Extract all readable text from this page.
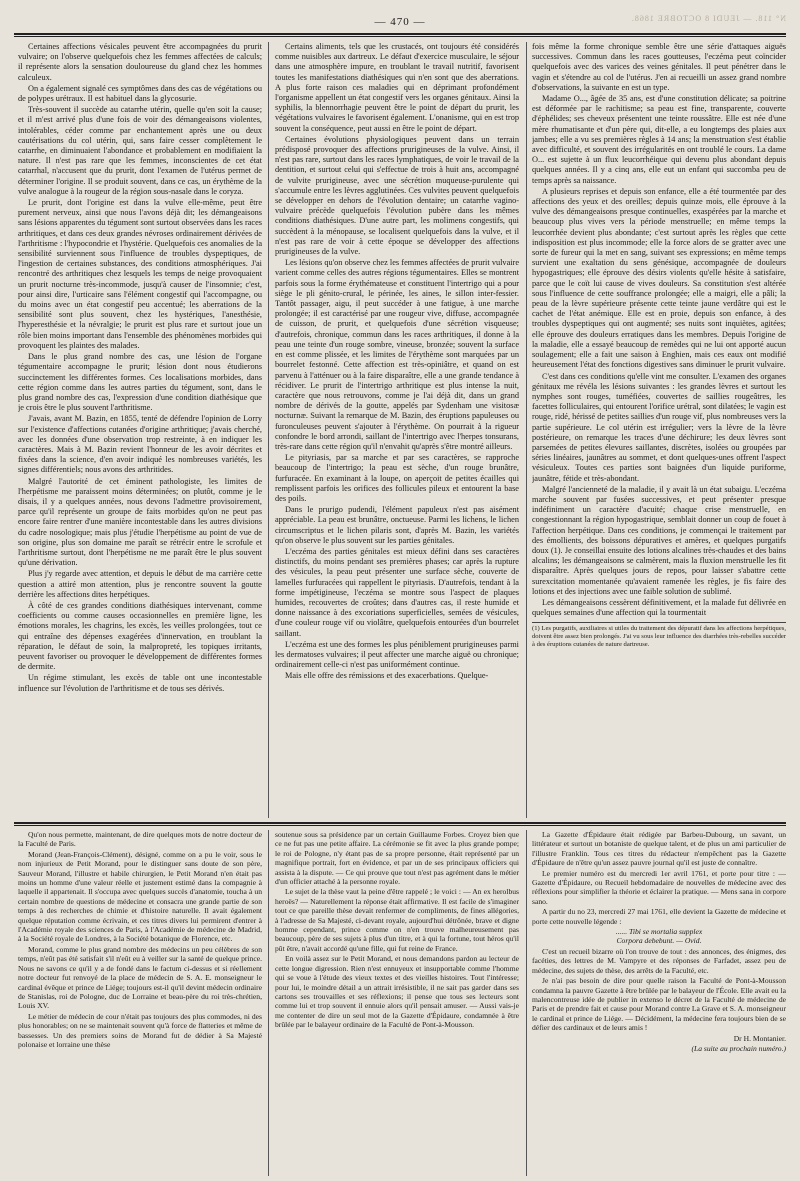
N° 118. — JEUDI 8 OCTOBRE 1868.
— 470 —

Certaines affections vésicales peuvent être accompagnées du prurit vulvaire; on l'observe quelquefois chez les femmes affectées de calculs; il représente alors la sensation douloureuse du gland chez les hommes calculeux.

On a également signalé ces symptômes dans des cas de végétations ou de polypes urétraux. Il est habituel dans la glycosurie.

Très-souvent il succède au catarrhe utérin, quelle qu'en soit la cause; et il m'est arrivé plus d'une fois de voir des démangeaisons violentes, intolérables, céder comme par enchantement après une ou deux cautérisations du col utérin, qui, sans faire cesser complètement le catarrhe, en diminuaient l'abondance et probablement en modifiaient la nature. Il n'est pas rare que les femmes, inconscientes de cet état catarrhal, n'accusent que du prurit, dont l'examen de l'utérus permet de déterminer l'origine. Il se produit souvent, dans ce cas, un érythème de la vulve analogue à la rougeur de la région sous-nasale dans le coryza.

Le prurit, dont l'origine est dans la vulve elle-même, peut être purement nerveux, ainsi que nous l'avons déjà dit; les démangeaisons sans lésions apparentes du tégument sont surtout observées dans les races arthritiques, et dans ces deux grandes névroses ordinairement dérivées de l'arthritisme : l'hypocondrie et l'hystérie. Quelquefois ces anomalies de la sensibilité surviennent sous l'influence de troubles dyspeptiques, de l'ingestion de certaines substances, des conditions atmosphériques. J'ai rencontré des arthritiques chez lesquels les temps de neige provoquaient un prurit nocturne très-incommode, jusqu'à causer de l'insomnie; c'est, pour ainsi dire, l'urticaire sans l'élément congestif qui l'accompagne, ou du moins avec un état congestif peu accentué; les aberrations de la sensibilité sont plus souvent, chez les hystériques, l'anesthésie, l'hyperesthésie et la névralgie; le prurit est plus rare et surtout joue un rôle bien moins important dans l'ensemble des phénomènes morbides qui provoquent les plaintes des malades.

Dans le plus grand nombre des cas, une lésion de l'organe tégumentaire accompagne le prurit; lésion dont nous étudierons succinctement les différentes formes. Ces localisations morbides, dans cette région comme dans les autres parties du tégument, sont, dans le plus grand nombre des cas, l'expression d'une condition diathésique que je crois être le plus souvent l'arthritisme.

J'avais, avant M. Bazin, en 1855, tenté de défendre l'opinion de Lorry sur l'existence d'affections cutanées d'origine arthritique; j'avais cherché, avec les données d'une observation trop restreinte, à en indiquer les caractères. Mais à M. Bazin revient l'honneur de les avoir décrites et fixées dans la science, d'en avoir indiqué les nombreuses variétés, les signes différentiels; nous avons des arthritides.

Malgré l'autorité de cet éminent pathologiste, les limites de l'herpétisme me paraissent moins déterminées; on plutôt, comme je le disais, il y a quelques années, nous devons l'admettre provisoirement, parce qu'il représente un groupe de faits morbides qu'on ne peut pas encore faire rentrer d'une manière incontestable dans les autres divisions du cadre nosologique; mais plus j'étudie l'herpétisme au point de vue de son origine, plus son domaine me paraît se rétrécir entre le scrofule et l'arthritisme surtout, dont l'herpétisme ne me paraît être le plus souvent qu'une dérivation.

Plus j'y regarde avec attention, et depuis le début de ma carrière cette question a attiré mon attention, plus je rencontre souvent la goutte derrière les affections dites herpétiques.

À côté de ces grandes conditions diathésiques intervenant, comme coefficients ou comme causes occasionnelles en première ligne, les émotions morales, les chagrins, les excès, les veilles prolongées, tout ce qui entraîne des dépenses exagérées d'innervation, en troublant la réparation, le défaut de soin, la malpropreté, les topiques irritants, peuvent favoriser ou provoquer le développement de différentes formes de dermite.

Un régime stimulant, les excès de table ont une incontestable influence sur l'évolution de l'arthritisme et de tous ses dérivés.

Certains aliments, tels que les crustacés, ont toujours été considérés comme nuisibles aux dartreux. Le défaut d'exercice musculaire, le séjour dans une atmosphère impure, en troublant le travail nutritif, favorisent toutes les manifestations diathésiques qui n'en sont que des aberrations. A plus forte raison ces maladies qui en déprimant profondément l'organisme appellent un état congestif vers les organes génitaux. Ainsi la syphilis, la blennorrhagie peuvent être le point de départ du prurit, les végétations vulvaires le favorisent également. L'onanisme, qui en est trop souvent la conséquence, peut aussi en être le point de départ.

Certaines évolutions physiologiques peuvent dans un terrain prédisposé provoquer des affections prurigineuses de la vulve. Ainsi, il n'est pas rare, surtout dans les races lymphatiques, de voir le travail de la dentition, et surtout celui qui s'effectue de trois à huit ans, accompagné de vulvite prurigineuse, avec une sécrétion muqueuse-purulente qui s'accumule entre les lèvres agglutinées. Ces vulvites peuvent quelquefois se développer en dehors de l'évolution dentaire; un catarrhe vagino-vulvaire précède quelquefois l'évolution pubère dans les mêmes conditions diathésiques. D'une autre part, les molimens congestifs, qui succèdent à la ménopause, se localisent quelquefois dans la vulve, et il n'est pas rare de voir à cette époque se développer des affections prurigineuses de la vulve.

Les lésions qu'on observe chez les femmes affectées de prurit vulvaire varient comme celles des autres régions tégumentaires. Elles se montrent parfois sous la forme érythémateuse et constituent l'intertrigo qui a pour siège le pli génito-crural, le périnée, les aines, le sillon inter-fessier. Tantôt passager, aigu, il peut succéder à une fatigue, à une marche prolongée; il est caractérisé par une rougeur vive, diffuse, accompagnée de cuisson, de prurit, et quelquefois d'une sécrétion visqueuse; d'autrefois, chronique, commun dans les races arthritiques, il donne à la peau une teinte d'un rouge sombre, vineuse, bronzée; souvent la surface en est comme plissée, et les limites de l'érythème sont marquées par un bourrelet festonné. Cette affection est très-opiniâtre, et quand on est parvenu à l'atténuer ou à la faire disparaître, elle a une grande tendance à récidiver. Le prurit de l'intertrigo arthritique est plus intense la nuit, caractère que nous retrouvons, comme je l'ai déjà dit, dans un grand nombre de dérivés de la goutte, appelés par Sydenham une visitosæ nocturnæ. Suivant la remarque de M. Bazin, des éruptions papuleuses ou furonculeuses peuvent s'ajouter à l'érythème. On pourrait à la rigueur confondre le bord arrondi, saillant de l'intertrigo avec l'herpes tonsurans, très-rare dans cette région qu'il n'envahit qu'après s'être montré ailleurs.

Le pityriasis, par sa marche et par ses caractères, se rapproche beaucoup de l'intertrigo; la peau est sèche, d'un rouge brunâtre, furfuracée. En examinant à la loupe, on aperçoit de petites écailles qui remplissent parfois les orifices des follicules pileux et entourent la base des poils.

Dans le prurigo pudendi, l'élément papuleux n'est pas aisément appréciable. La peau est brunâtre, onctueuse. Parmi les lichens, le lichen circumscriptus et le lichen pilaris sont, d'après M. Bazin, les variétés qu'on observe le plus souvent sur les parties génitales.

L'eczéma des parties génitales est mieux défini dans ses caractères distinctifs, du moins pendant ses premières phases; car après la rupture des vésicules, la peau peut présenter une surface sèche, couverte de lamelles furfuracées qui rappellent le pityriasis. D'autrefois, tendant à la forme impétigineuse, l'eczéma se montre sous l'aspect de plaques humides, recouvertes de croûtes; dans d'autres cas, il reste humide et donne naissance à des excoriations superficielles, semées de vésicules, d'une couleur rouge vif ou violâtre, quelquefois entourées d'un bourrelet saillant.

L'eczéma est une des formes les plus péniblement prurigineuses parmi les dermatoses vulvaires; il peut affecter une marche aiguë ou chronique; ordinairement celle-ci n'est pas uniformément continue.

Mais elle offre des rémissions et des exacerbations. Quelque-

fois même la forme chronique semble être une série d'attaques aiguës successives. Commun dans les races goutteuses, l'eczéma peut coïncider quelquefois avec des varices des veines génitales. Il peut pénétrer dans le vagin et s'étendre au col de l'utérus. J'en ai recueilli un assez grand nombre d'observations, la suivante en est un type.

Madame O..., âgée de 35 ans, est d'une constitution délicate; sa poitrine est déformée par le rachitisme; sa peau est fine, transparente, couverte d'éphélides; ses cheveux présentent une teinte roussâtre. Elle est née d'une mère rhumatisante et d'un père qui, dit-elle, a eu longtemps des plaies aux jambes; elle a vu ses premières règles à 14 ans; la menstruation s'est établie avec difficulté, et souvent des irrégularités en ont troublé le cours. La dame O... est sujette à un flux leucorrhéique qui devenu plus abondant depuis quelques années. Il y a cinq ans, elle eut un enfant qui succomba peu de temps après sa naissance.

A plusieurs reprises et depuis son enfance, elle a été tourmentée par des affections des yeux et des oreilles; depuis quinze mois, elle éprouve à la vulve des démangeaisons presque continuelles, exaspérées par la marche et beaucoup plus vives vers la période menstruelle; en même temps la leucorrhée devient plus abondante; c'est surtout après les règles que cette indisposition est plus incommode; elle la force alors de se gratter avec une sorte de fureur qui la met en sang, suivant ses expressions; en même temps survient une exaltation du sens génésique, accompagnée de douleurs hypogastriques; elle éprouve des désirs violents qu'elle hésite à satisfaire, parce que le coït lui cause de vives douleurs. Sa constitution s'est altérée sous l'influence de cette souffrance prolongée; elle a maigri, elle a pâli; la peau de la lèvre supérieure présente cette teinte jaune verdâtre qui est le cachet de l'état anémique. Elle est en proie, depuis son enfance, à des troubles dyspeptiques qui ont augmenté; ses nuits sont inquiètes, agitées; elle éprouve des douleurs erratiques dans les membres. Depuis l'origine de la maladie, elle a essayé beaucoup de remèdes qui ne lui ont apporté aucun soulagement; elle a fait une saison à Enghien, mais ces eaux ont modifié heureusement l'état des fonctions digestives sans diminuer le prurit vulvaire.

C'est dans ces conditions qu'elle vint me consulter. L'examen des organes génitaux me révéla les lésions suivantes : les grandes lèvres et surtout les nymphes sont rouges, tuméfiées, couvertes de saillies rougeâtres, les facettes folliculaires, qui entourent l'orifice urétral, sont dilatées; le vagin est rouge, ridé, hérissé de petites saillies d'un rouge vif, plus nombreuses vers la partie supérieure. Le col utérin est irrégulier; vers la lèvre de la lèvre postérieure, on remarque les traces d'une déchirure; les deux lèvres sont parsemées de petites élevures saillantes, discrètes, isolées ou groupées par séries linéaires, jaunâtres au sommet, et dont quelques-unes offrent l'aspect vésiculeux. Toutes ces parties sont baignées d'un liquide puriforme, jaunâtre, fétide et très-abondant.

Malgré l'ancienneté de la maladie, il y avait là un état subaigu. L'eczéma marche souvent par fusées successives, et peut présenter presque indéfiniment un caractère d'acuité; chaque crise menstruelle, en congestionnant la région hypogastrique, semblait donner un coup de fouet à l'affection herpétique. Dans ces conditions, je commençai le traitement par des émollients, des boissons dépuratives et amères, et quelques purgatifs doux (1). Je conseillai ensuite des lotions alcalines très-chaudes et des bains alcalins; les démangeaisons se calmèrent, mais la fluxion menstruelle les fit disparaître. Après quelques jours de repos, pour laisser s'abattre cette surexcitation momentanée qu'avaient ramenée les règles, je fis faire des lotions et des injections avec une faible solution de sublimé.

Les démangeaisons cessèrent définitivement, et la malade fut délivrée en quelques semaines d'une affection qui la tourmentait

(1) Les purgatifs, auxiliaires si utiles du traitement des dépuratif dans les affections herpétiques, doivent être assez bien prolongés. J'ai vu sous leur influence des diarrhées très-rebelles succéder à des éruptions cutanées de nature dartreuse.

Qu'on nous permette, maintenant, de dire quelques mots de notre docteur de la Faculté de Paris.

Morand (Jean-François-Clément), désigné, comme on a pu le voir, sous le nom injurieux de Petit Morand, pour le distinguer sans doute de son père, Sauveur Morand, l'illustre et habile chirurgien, le Petit Morand n'en était pas moins un homme d'une valeur réelle et justement estimé dans la compagnie à laquelle il appartenait. Il s'occupa avec quelques succès d'anatomie, toucha à un certain nombre de questions de médecine et consacra une grande partie de son temps à des recherches de chimie et d'histoire naturelle. Il avait également quelque réputation comme écrivain, et ces titres divers lui permirent d'entrer à l'Académie royale des sciences de Paris, à l'Académie de médecine de Madrid, à la Société royale de Londres, à la Société botanique de Florence, etc.

Morand, comme le plus grand nombre des médecins un peu célèbres de son temps, n'eût pas été satisfait s'il n'eût eu à veiller sur la santé de quelque prince. Nous ne savons ce qu'il y a de fondé dans le factum ci-dessus et si réellement notre docteur fut renvoyé de la place de médecin de S. A. E. monseigneur le cardinal évêque et prince de Liége; toujours est-il qu'il devint médecin ordinaire de Stanislas, roi de Pologne, duc de Lorraine et beau-père du roi très-chrétien, Louis XV.

Le métier de médecin de cour n'était pas toujours des plus commodes, ni des plus honorables; on ne se maintenait souvent qu'à force de flatteries et même de bassesses. Un des premiers soins de Morand fut de dédier à Sa Majesté polonaise et lorraine une thèse

soutenue sous sa présidence par un certain Guillaume Forbes. Croyez bien que ce ne fut pas une petite affaire. La cérémonie se fit avec la plus grande pompe; le roi de Pologne, n'y étant pas de sa propre personne, était représenté par un magnifique portrait, fort en évidence, et par un de ses principaux officiers qui assista à la dispute. — Ce qui prouve que tout n'est pas agrément dans le métier d'un officier attaché à la personne royale.

Le sujet de la thèse vaut la peine d'être rappelé ; le voici : — An ex herolbus heroës? — Naturellement la réponse était affirmative. Il est facile de s'imaginer tout ce que pareille thèse devait renfermer de compliments, de fines allégories, à l'adresse de Sa Majesté, ci-devant royale, aujourd'hui détrônée, brave et digne homme cependant, prince comme on n'en trouve malheureusement pas beaucoup, père de ses sujets à plus d'un titre, et à qui la fortune, tout héros qu'il pût être, n'avait accordé qu'une fille, qui fut reine de France.

En voilà assez sur le Petit Morand, et nous demandons pardon au lecteur de cette longue digression. Rien n'est ennuyeux et insupportable comme l'homme qui se voue à l'étude des vieux textes et des vieilles histoires. Tout l'intéresse; pour lui, le moindre détail a un attrait irrésistible, il ne sait pas garder dans ses cartons ses trouvailles et ses réflexions; il pense que tous ses lecteurs sont comme lui et trop souvent il ennuie alors qu'il pensait amuser. — Aussi vais-je me contenter de dire un seul mot de la Gazette d'Épidaure, condamnée à être brûlée par le balayeur ordinaire de la Faculté de Pont-à-Mousson.

La Gazette d'Épidaure était rédigée par Barbeu-Dubourg, un savant, un littérateur et surtout un botaniste de quelque talent, et de plus un ami particulier de l'illustre Franklin. Tous ces titres du rédacteur n'empêchent pas la Gazette d'Épidaure de n'être qu'un assez pauvre journal qu'il est juste de connaître.

Le premier numéro est du mercredi 1er avril 1761, et porte pour titre : — Gazette d'Épidaure, ou Recueil hebdomadaire de nouvelles de médecine avec des réflexions pour simplifier la théorie et éclairer la pratique. — Mens sana in corpore sano.

A partir du no 23, mercredi 27 mai 1761, elle devient la Gazette de médecine et porte cette nouvelle légende :

...... Tibi se mortalia supplex
Corpora debebunt. — Ovid.

C'est un recueil bizarre où l'on trouve de tout : des annonces, des énigmes, des facéties, des lettres de M. Vampyre et des réponses de Farfadet, assez peu de médecine, des sujets de thèse, des arrêts de la Faculté, etc.

Je n'ai pas besoin de dire pour quelle raison la Faculté de Pont-à-Mousson condamna la pauvre Gazette à être brûlée par le balayeur de l'École. Elle avait eu la malencontreuse idée de publier in extenso le décret de la Faculté de médecine de Paris et de prendre fait et cause pour Morand contre La Grave et S. A. monseigneur le cardinal et prince de Liége. — Décidément, la médecine fera toujours bien de se défier des cardinaux et de leurs amis !

Dr H. Montanier.

(La suite au prochain numéro.)
